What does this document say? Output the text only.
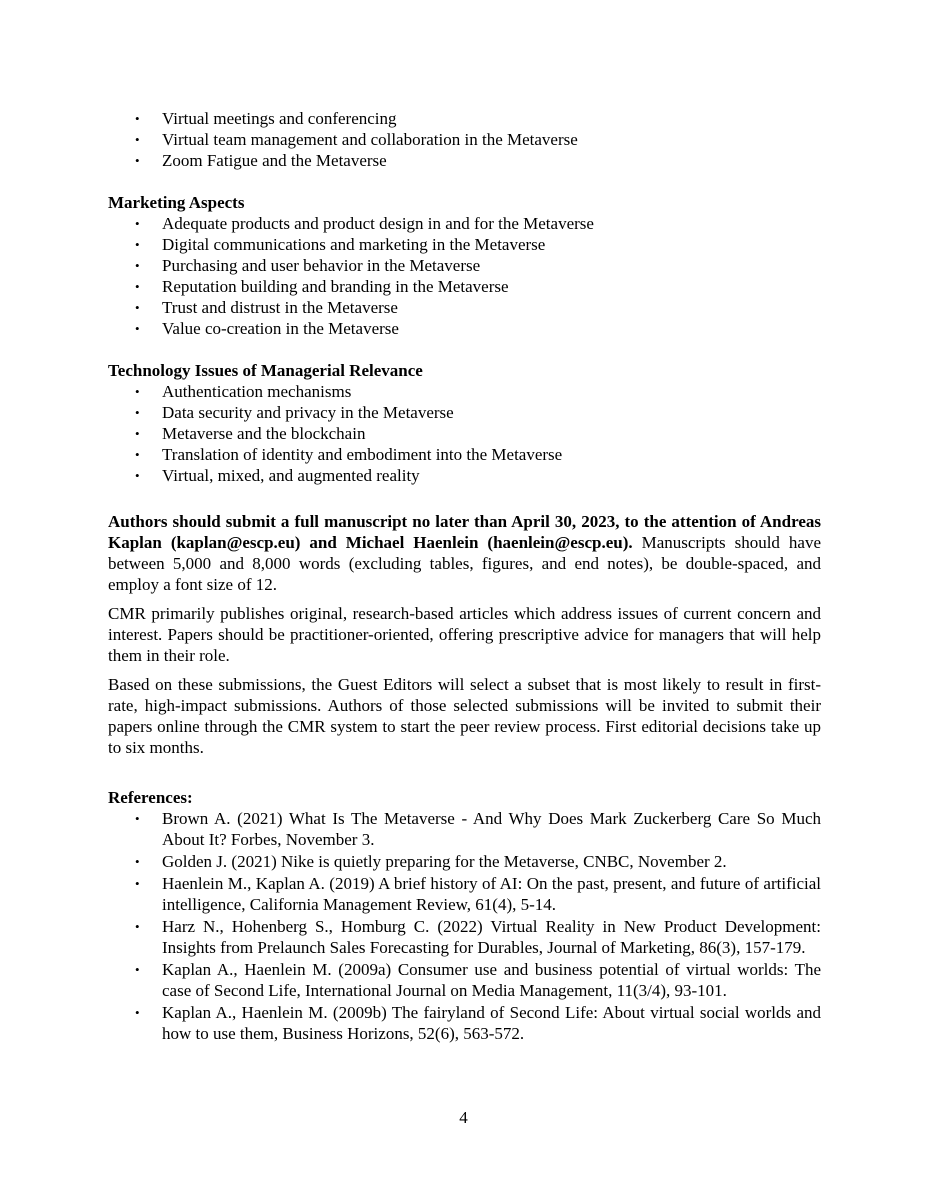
• Virtual meetings and conferencing
• Virtual team management and collaboration in the Metaverse
• Zoom Fatigue and the Metaverse

Marketing Aspects

• Adequate products and product design in and for the Metaverse
• Digital communications and marketing in the Metaverse
• Purchasing and user behavior in the Metaverse
• Reputation building and branding in the Metaverse
• Trust and distrust in the Metaverse
• Value co-creation in the Metaverse

Technology Issues of Managerial Relevance

• Authentication mechanisms
• Data security and privacy in the Metaverse
• Metaverse and the blockchain
• Translation of identity and embodiment into the Metaverse
• Virtual, mixed, and augmented reality

Authors should submit a full manuscript no later than April 30, 2023, to the attention of Andreas Kaplan (kaplan@escp.eu) and Michael Haenlein (haenlein@escp.eu). Manuscripts should have between 5,000 and 8,000 words (excluding tables, figures, and end notes), be double-spaced, and employ a font size of 12.

CMR primarily publishes original, research-based articles which address issues of current concern and interest. Papers should be practitioner-oriented, offering prescriptive advice for managers that will help them in their role.

Based on these submissions, the Guest Editors will select a subset that is most likely to result in first-rate, high-impact submissions. Authors of those selected submissions will be invited to submit their papers online through the CMR system to start the peer review process. First editorial decisions take up to six months.

References:

• Brown A. (2021) What Is The Metaverse - And Why Does Mark Zuckerberg Care So Much About It? Forbes, November 3.
• Golden J. (2021) Nike is quietly preparing for the Metaverse, CNBC, November 2.
• Haenlein M., Kaplan A. (2019) A brief history of AI: On the past, present, and future of artificial intelligence, California Management Review, 61(4), 5-14.
• Harz N., Hohenberg S., Homburg C. (2022) Virtual Reality in New Product Development: Insights from Prelaunch Sales Forecasting for Durables, Journal of Marketing, 86(3), 157-179.
• Kaplan A., Haenlein M. (2009a) Consumer use and business potential of virtual worlds: The case of Second Life, International Journal on Media Management, 11(3/4), 93-101.
• Kaplan A., Haenlein M. (2009b) The fairyland of Second Life: About virtual social worlds and how to use them, Business Horizons, 52(6), 563-572.
4
